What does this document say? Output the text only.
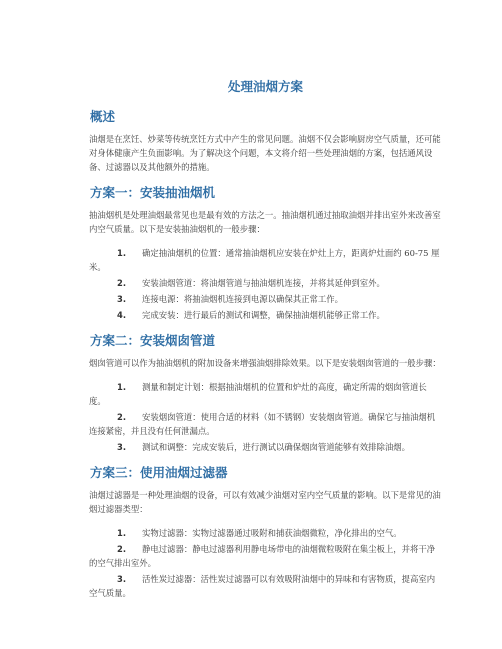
处理油烟方案
概述
油烟是在烹饪、炒菜等传统烹饪方式中产生的常见问题。油烟不仅会影响厨房空气质量，还可能对身体健康产生负面影响。为了解决这个问题，本文将介绍一些处理油烟的方案，包括通风设备、过滤器以及其他额外的措施。
方案一：安装抽油烟机
抽油烟机是处理油烟最常见也是最有效的方法之一。抽油烟机通过抽取油烟并排出室外来改善室内空气质量。以下是安装抽油烟机的一般步骤：
1. 确定抽油烟机的位置：通常抽油烟机应安装在炉灶上方，距离炉灶面约 60-75 厘米。
2. 安装油烟管道：将油烟管道与抽油烟机连接，并将其延伸到室外。
3. 连接电源：将抽油烟机连接到电源以确保其正常工作。
4. 完成安装：进行最后的测试和调整，确保抽油烟机能够正常工作。
方案二：安装烟囱管道
烟囱管道可以作为抽油烟机的附加设备来增强油烟排除效果。以下是安装烟囱管道的一般步骤：
1. 测量和制定计划：根据抽油烟机的位置和炉灶的高度，确定所需的烟囱管道长度。
2. 安装烟囱管道：使用合适的材料（如不锈钢）安装烟囱管道。确保它与抽油烟机连接紧密，并且没有任何泄漏点。
3. 测试和调整：完成安装后，进行测试以确保烟囱管道能够有效排除油烟。
方案三：使用油烟过滤器
油烟过滤器是一种处理油烟的设备，可以有效减少油烟对室内空气质量的影响。以下是常见的油烟过滤器类型：
1. 实物过滤器：实物过滤器通过吸附和捕获油烟微粒，净化排出的空气。
2. 静电过滤器：静电过滤器利用静电场带电的油烟微粒吸附在集尘板上，并将干净的空气排出室外。
3. 活性炭过滤器：活性炭过滤器可以有效吸附油烟中的异味和有害物质，提高室内空气质量。
